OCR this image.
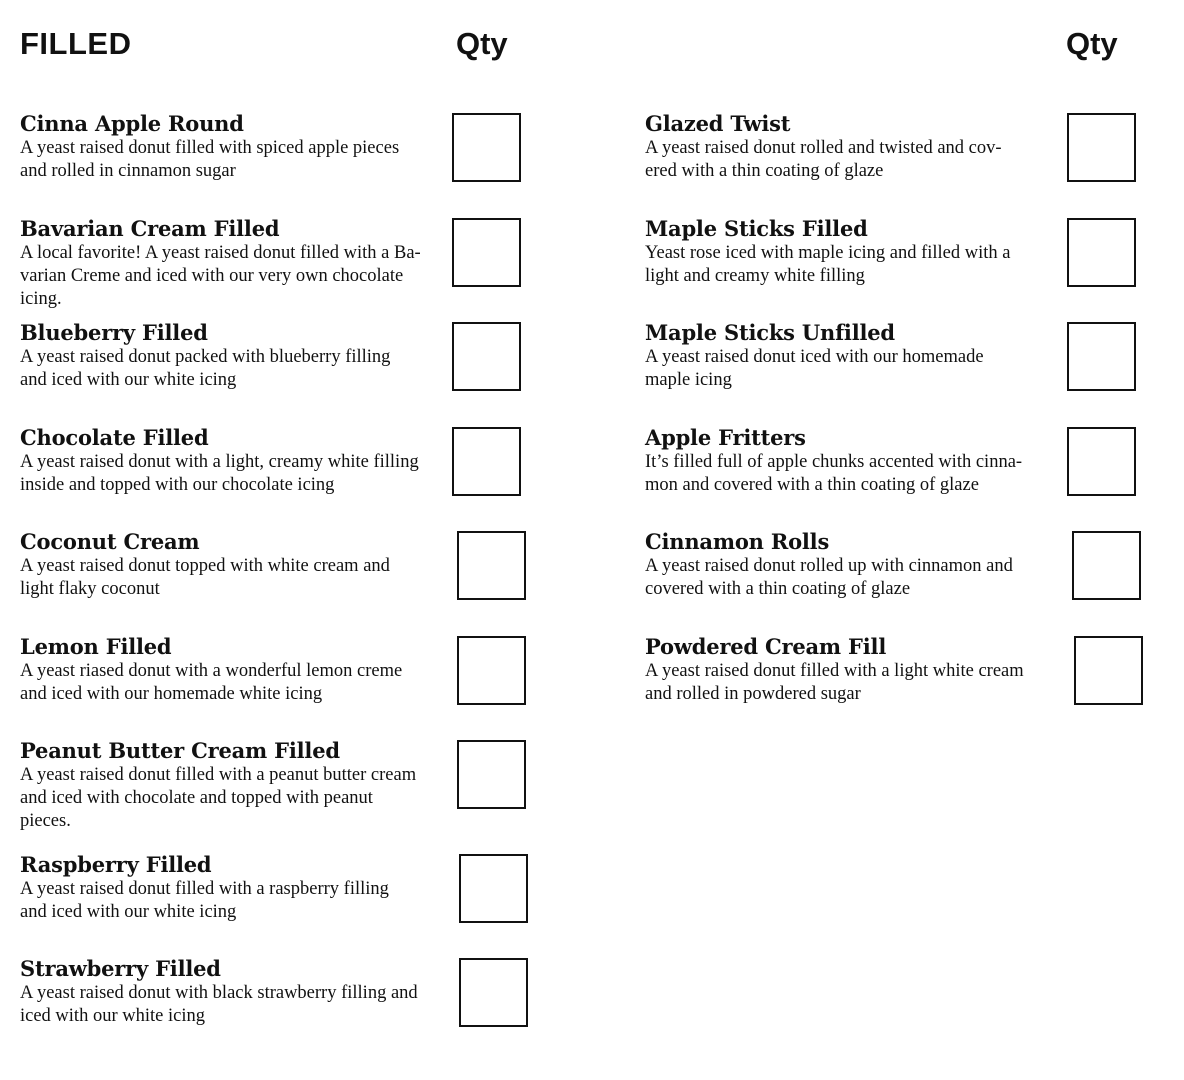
FILLED	Qty	Qty

Cinna Apple Round

A yeast raised donut filled with spiced apple pieces
and rolled in cinnamon sugar

Bavarian Cream Filled

A local favorite! A yeast raised donut filled with a Ba-
varian Creme and iced with our very own chocolate
icing.

Blueberry Filled

A yeast raised donut packed with blueberry filling
and iced with our white icing

Chocolate Filled

A yeast raised donut with a light, creamy white filling
inside and topped with our chocolate icing

Coconut Cream

A yeast raised donut topped with white cream and
light flaky coconut

Lemon Filled

A yeast riased donut with a wonderful lemon creme
and iced with our homemade white icing

Peanut Butter Cream Filled

A yeast raised donut filled with a peanut butter cream
and iced with chocolate and topped with peanut
pieces.

Raspberry Filled

A yeast raised donut filled with a raspberry filling
and iced with our white icing

Strawberry Filled

A yeast raised donut with black strawberry filling and
iced with our white icing

Glazed Twist

A yeast raised donut rolled and twisted and cov-
ered with a thin coating of glaze

Maple Sticks Filled

Yeast rose iced with maple icing and filled with a
light and creamy white filling

Maple Sticks Unfilled

A yeast raised donut iced with our homemade
maple icing

Apple Fritters

It’s filled full of apple chunks accented with cinna-
mon and covered with a thin coating of glaze

Cinnamon Rolls

A yeast raised donut rolled up with cinnamon and
covered with a thin coating of glaze

Powdered Cream Fill

A yeast raised donut filled with a light white cream
and rolled in powdered sugar
